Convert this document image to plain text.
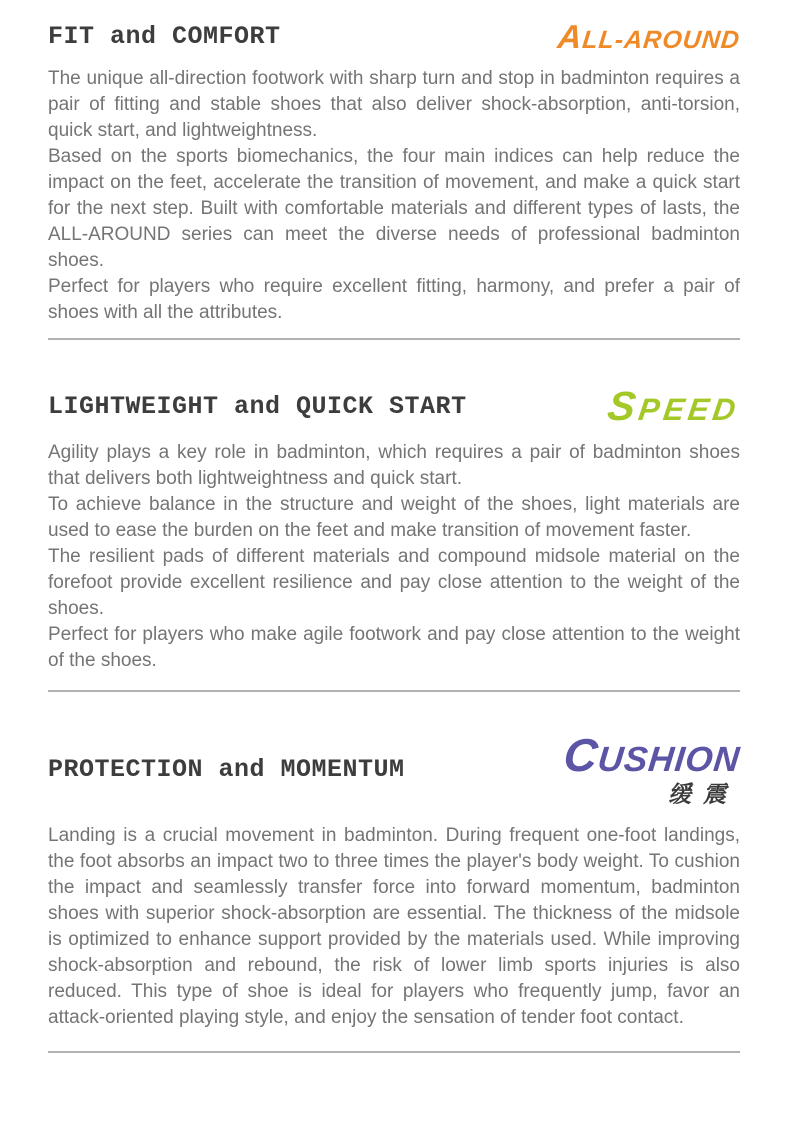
FIT and COMFORT	ALL-AROUND

The unique all-direction footwork with sharp turn and stop in badminton requires a pair of fitting and stable shoes that also deliver shock-absorption, anti-torsion, quick start, and lightweightness.

Based on the sports biomechanics, the four main indices can help reduce the impact on the feet, accelerate the transition of movement, and make a quick start for the next step. Built with comfortable materials and different types of lasts, the ALL-AROUND series can meet the diverse needs of professional badminton shoes.

Perfect for players who require excellent fitting, harmony, and prefer a pair of shoes with all the attributes.

LIGHTWEIGHT and QUICK START	SPEED

Agility plays a key role in badminton, which requires a pair of badminton shoes that delivers both lightweightness and quick start.

To achieve balance in the structure and weight of the shoes, light materials are used to ease the burden on the feet and make transition of movement faster.

The resilient pads of different materials and compound midsole material on the forefoot provide excellent resilience and pay close attention to the weight of the shoes.

Perfect for players who make agile footwork and pay close attention to the weight of the shoes.

PROTECTION and MOMENTUM	CUSHION
缓震

Landing is a crucial movement in badminton. During frequent one-foot landings, the foot absorbs an impact two to three times the player's body weight. To cushion the impact and seamlessly transfer force into forward momentum, badminton shoes with superior shock-absorption are essential. The thickness of the midsole is optimized to enhance support provided by the materials used. While improving shock-absorption and rebound, the risk of lower limb sports injuries is also reduced. This type of shoe is ideal for players who frequently jump, favor an attack-oriented playing style, and enjoy the sensation of tender foot contact.
